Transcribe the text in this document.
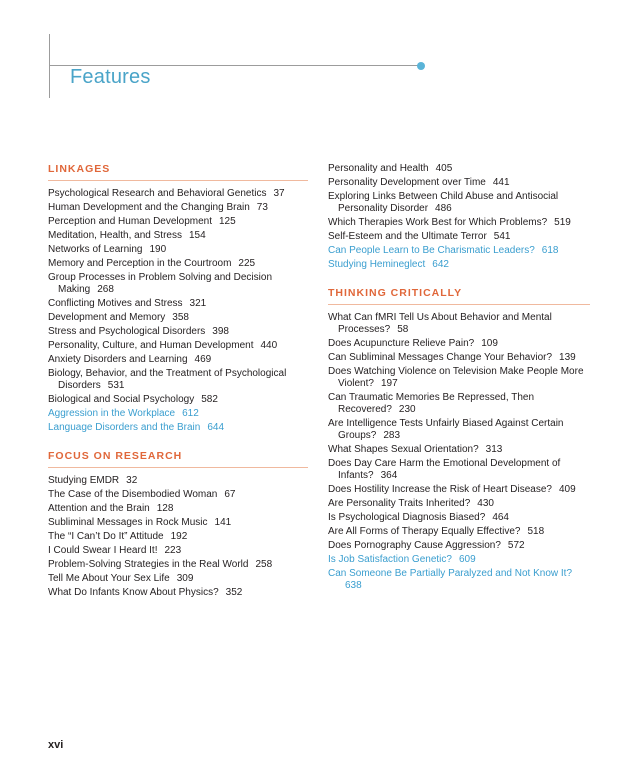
Features
LINKAGES
Psychological Research and Behavioral Genetics 37
Human Development and the Changing Brain 73
Perception and Human Development 125
Meditation, Health, and Stress 154
Networks of Learning 190
Memory and Perception in the Courtroom 225
Group Processes in Problem Solving and Decision Making 268
Conflicting Motives and Stress 321
Development and Memory 358
Stress and Psychological Disorders 398
Personality, Culture, and Human Development 440
Anxiety Disorders and Learning 469
Biology, Behavior, and the Treatment of Psychological Disorders 531
Biological and Social Psychology 582
Aggression in the Workplace 612
Language Disorders and the Brain 644
FOCUS ON RESEARCH
Studying EMDR 32
The Case of the Disembodied Woman 67
Attention and the Brain 128
Subliminal Messages in Rock Music 141
The “I Can’t Do It” Attitude 192
I Could Swear I Heard It! 223
Problem-Solving Strategies in the Real World 258
Tell Me About Your Sex Life 309
What Do Infants Know About Physics? 352
Personality and Health 405
Personality Development over Time 441
Exploring Links Between Child Abuse and Antisocial Personality Disorder 486
Which Therapies Work Best for Which Problems? 519
Self-Esteem and the Ultimate Terror 541
Can People Learn to Be Charismatic Leaders? 618
Studying Hemineglect 642
THINKING CRITICALLY
What Can fMRI Tell Us About Behavior and Mental Processes? 58
Does Acupuncture Relieve Pain? 109
Can Subliminal Messages Change Your Behavior? 139
Does Watching Violence on Television Make People More Violent? 197
Can Traumatic Memories Be Repressed, Then Recovered? 230
Are Intelligence Tests Unfairly Biased Against Certain Groups? 283
What Shapes Sexual Orientation? 313
Does Day Care Harm the Emotional Development of Infants? 364
Does Hostility Increase the Risk of Heart Disease? 409
Are Personality Traits Inherited? 430
Is Psychological Diagnosis Biased? 464
Are All Forms of Therapy Equally Effective? 518
Does Pornography Cause Aggression? 572
Is Job Satisfaction Genetic? 609
Can Someone Be Partially Paralyzed and Not Know It?638
xvi
